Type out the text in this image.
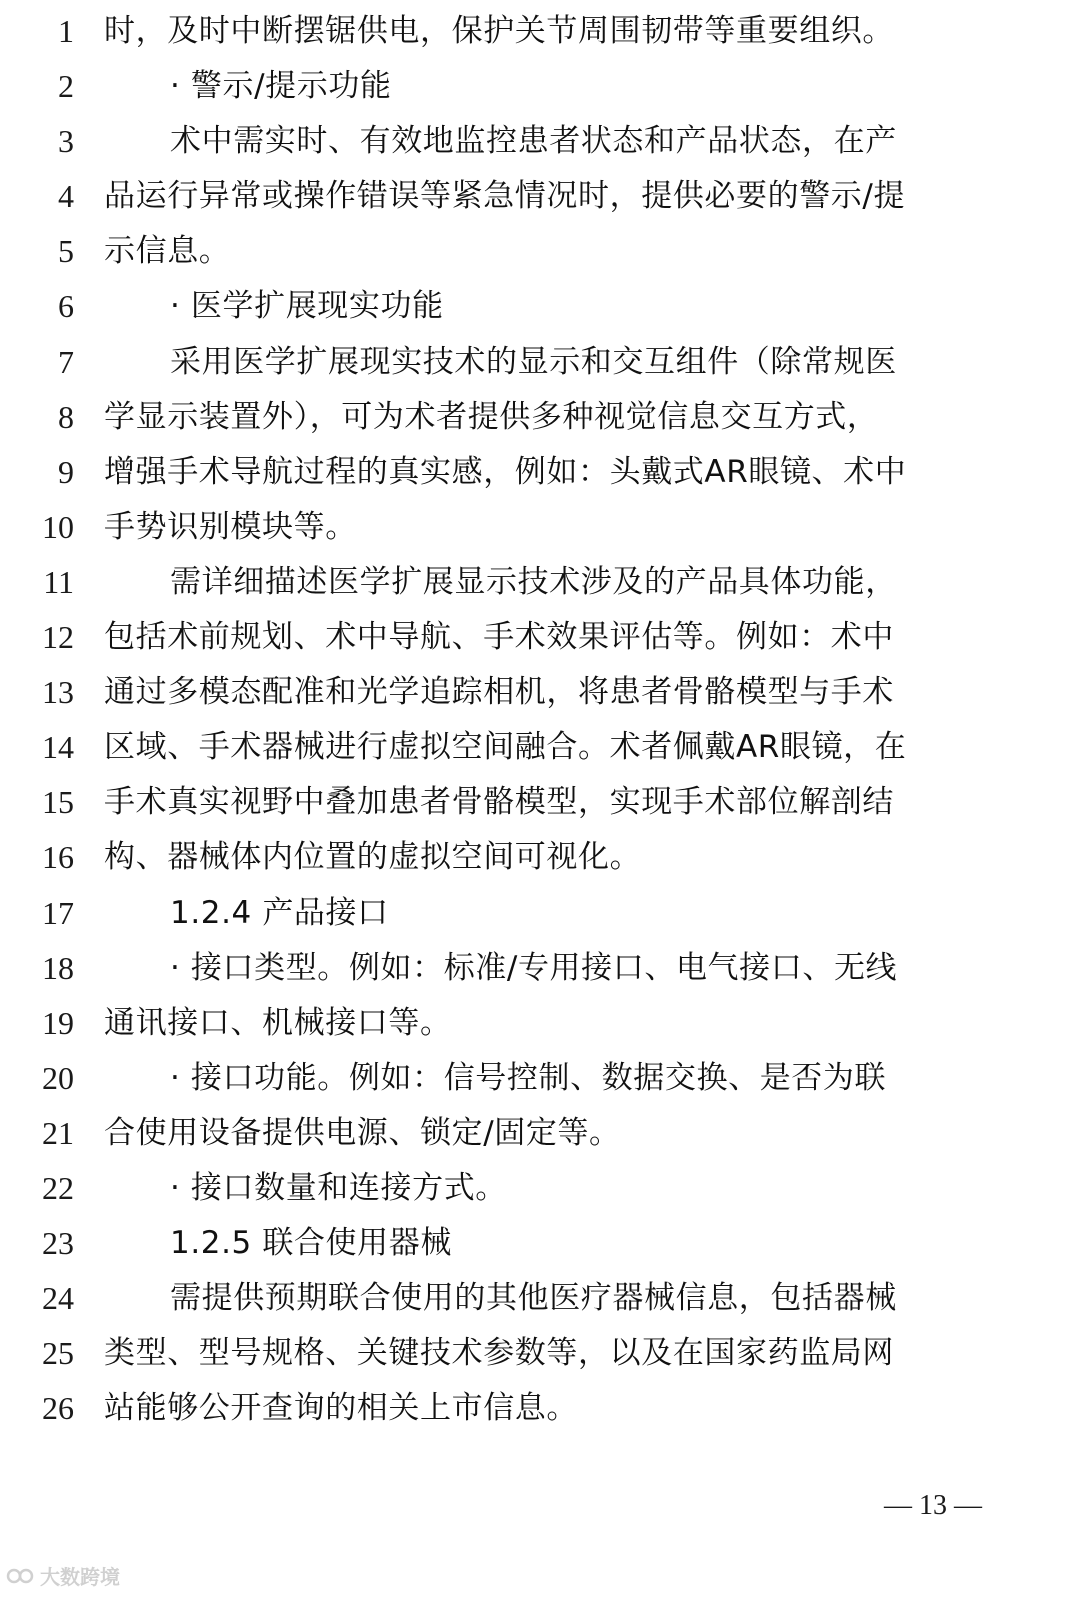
1 时，及时中断摆锯供电，保护关节周围韧带等重要组织。
2	· 警示/提示功能
3	术中需实时、有效地监控患者状态和产品状态，在产
4 品运行异常或操作错误等紧急情况时，提供必要的警示/提
5 示信息。
6	· 医学扩展现实功能
7	采用医学扩展现实技术的显示和交互组件（除常规医
8 学显示装置外），可为术者提供多种视觉信息交互方式，
9 增强手术导航过程的真实感，例如：头戴式AR眼镜、术中
10 手势识别模块等。
11	需详细描述医学扩展显示技术涉及的产品具体功能，
12 包括术前规划、术中导航、手术效果评估等。例如：术中
13 通过多模态配准和光学追踪相机，将患者骨骼模型与手术
14 区域、手术器械进行虚拟空间融合。术者佩戴AR眼镜，在
15 手术真实视野中叠加患者骨骼模型，实现手术部位解剖结
16 构、器械体内位置的虚拟空间可视化。
17	1.2.4 产品接口
18	· 接口类型。例如：标准/专用接口、电气接口、无线
19 通讯接口、机械接口等。
20	· 接口功能。例如：信号控制、数据交换、是否为联
21 合使用设备提供电源、锁定/固定等。
22	· 接口数量和连接方式。
23	1.2.5 联合使用器械
24	需提供预期联合使用的其他医疗器械信息，包括器械
25 类型、型号规格、关键技术参数等，以及在国家药监局网
26 站能够公开查询的相关上市信息。
— 13 —
大数跨境
